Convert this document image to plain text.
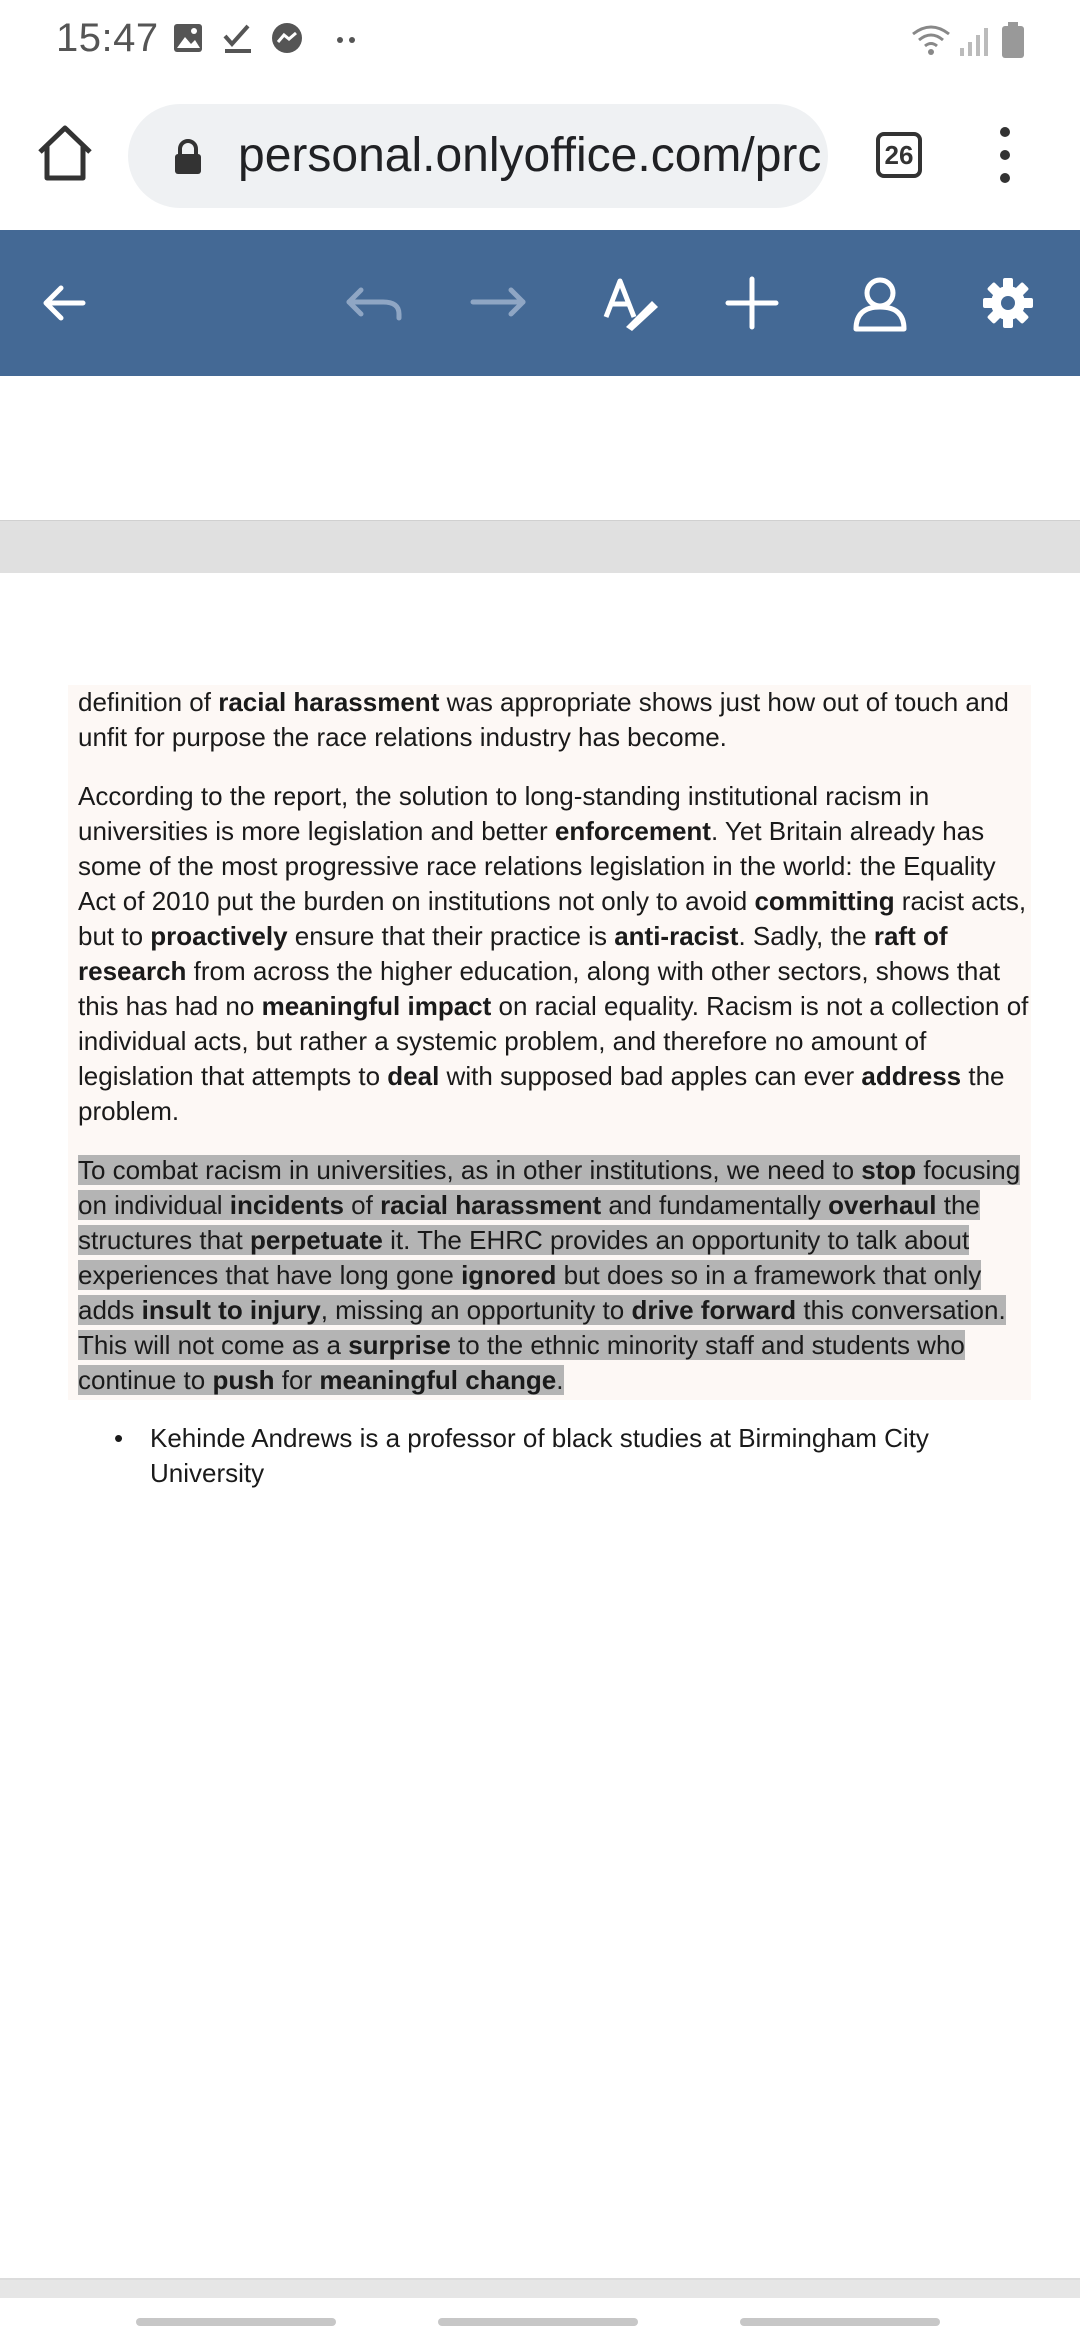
15:47
personal.onlyoffice.com/prc	26

definition of racial harassment was appropriate shows just how out of touch and unfit for purpose the race relations industry has become.

According to the report, the solution to long-standing institutional racism in universities is more legislation and better enforcement. Yet Britain already has some of the most progressive race relations legislation in the world: the Equality Act of 2010 put the burden on institutions not only to avoid committing racist acts, but to proactively ensure that their practice is anti-racist. Sadly, the raft of research from across the higher education, along with other sectors, shows that this has had no meaningful impact on racial equality. Racism is not a collection of individual acts, but rather a systemic problem, and therefore no amount of legislation that attempts to deal with supposed bad apples can ever address the problem.

To combat racism in universities, as in other institutions, we need to stop focusing on individual incidents of racial harassment and fundamentally overhaul the structures that perpetuate it. The EHRC provides an opportunity to talk about experiences that have long gone ignored but does so in a framework that only adds insult to injury, missing an opportunity to drive forward this conversation. This will not come as a surprise to the ethnic minority staff and students who continue to push for meaningful change.

• Kehinde Andrews is a professor of black studies at Birmingham City University
